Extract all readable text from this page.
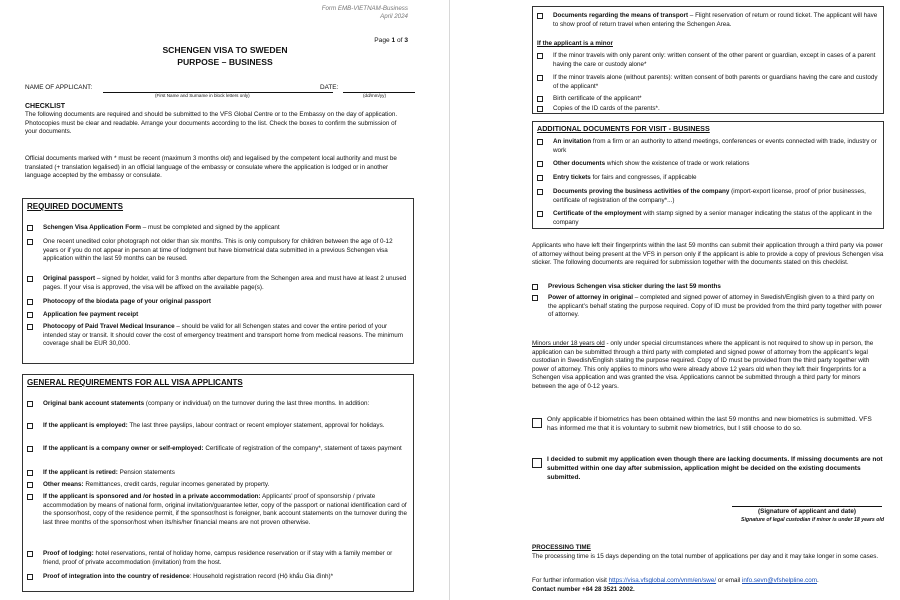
Form EMB-VIETNAM-Business
April 2024
Page 1 of 3
SCHENGEN VISA TO SWEDEN
PURPOSE – BUSINESS
NAME OF APPLICANT:
(First Name and Surname in block letters only)
DATE:
(dd/mm/yy)
CHECKLIST
The following documents are required and should be submitted to the VFS Global Centre or to the Embassy on the day of application. Photocopies must be clear and readable. Arrange your documents according to the list. Check the boxes to confirm the submission of your documents.
Official documents marked with * must be recent (maximum 3 months old) and legalised by the competent local authority and must be translated (+ translation legalised) in an official language of the embassy or consulate where the application is lodged or in another language accepted by the embassy or consulate.
REQUIRED DOCUMENTS
Schengen Visa Application Form – must be completed and signed by the applicant
One recent unedited color photograph not older than six months. This is only compulsory for children between the age of 0-12 years or if you do not appear in person at time of lodgment but have biometrical data submitted in a previous Schengen visa application within the last 59 months can be reused.
Original passport – signed by holder, valid for 3 months after departure from the Schengen area and must have at least 2 unused pages. If your visa is approved, the visa will be affixed on the available page(s).
Photocopy of the biodata page of your original passport
Application fee payment receipt
Photocopy of Paid Travel Medical Insurance – should be valid for all Schengen states and cover the entire period of your intended stay or transit. It should cover the cost of emergency treatment and transport home from medical reasons. The minimum coverage shall be EUR 30,000.
GENERAL REQUIREMENTS FOR ALL VISA APPLICANTS
Original bank account statements (company or individual) on the turnover during the last three months. In addition:
If the applicant is employed: The last three payslips, labour contract or recent employer statement, approval for holidays.
If the applicant is a company owner or self-employed: Certificate of registration of the company*, statement of taxes payment
If the applicant is retired: Pension statements
Other means: Remittances, credit cards, regular incomes generated by property.
If the applicant is sponsored and /or hosted in a private accommodation: Applicants’ proof of sponsorship / private accommodation by means of national form, original invitation/guarantee letter, copy of the passport or national identification card of the sponsor/host, copy of the residence permit, if the sponsor/host is foreigner, bank account statements on the turnover during the last three months of the sponsor/host when its/his/her financial means are not proven otherwise.
Proof of lodging: hotel reservations, rental of holiday home, campus residence reservation or if stay with a family member or friend, proof of private accommodation (invitation) from the host.
Proof of integration into the country of residence: Household registration record (Hộ khẩu Gia đình)*
Documents regarding the means of transport – Flight reservation of return or round ticket. The applicant will have to show proof of return travel when entering the Schengen Area.
If the applicant is a minor
If the minor travels with only parent only: written consent of the other parent or guardian, except in cases of a parent having the care or custody alone*
If the minor travels alone (without parents): written consent of both parents or guardians having the care and custody of the applicant*
Birth certificate of the applicant*
Copies of the ID cards of the parents*.
ADDITIONAL DOCUMENTS FOR VISIT - BUSINESS
An invitation from a firm or an authority to attend meetings, conferences or events connected with trade, industry or work
Other documents which show the existence of trade or work relations
Entry tickets for fairs and congresses, if applicable
Documents proving the business activities of the company (import-export license, proof of prior businesses, certificate of registration of the company*...)
Certificate of the employment with stamp signed by a senior manager indicating the status of the applicant in the company
Applicants who have left their fingerprints within the last 59 months can submit their application through a third party via power of attorney without being present at the VFS in person only if the applicant is able to provide a copy of previous Schengen visa sticker. The following documents are required for submission together with the documents stated on this checklist.
Previous Schengen visa sticker during the last 59 months
Power of attorney in original – completed and signed power of attorney in Swedish/English given to a third party on the applicant’s behalf stating the purpose required. Copy of ID must be provided from the third party together with power of attorney.
Minors under 18 years old - only under special circumstances where the applicant is not required to show up in person, the application can be submitted through a third party with completed and signed power of attorney from the applicant’s legal custodian in Swedish/English stating the purpose required. Copy of ID must be provided from the third party together with power of attorney. This only applies to minors who were already above 12 years old when they left their fingerprints for a Schengen visa application and was granted the visa. Applications cannot be submitted through a third party for minors between the age of 0-12 years.
Only applicable if biometrics has been obtained within the last 59 months and new biometrics is submitted. VFS has informed me that it is voluntary to submit new biometrics, but I still choose to do so.
I decided to submit my application even though there are lacking documents. If missing documents are not submitted within one day after submission, application might be decided on the existing documents submitted.
(Signature of applicant and date)
Signature of legal custodian if minor is under 18 years old
PROCESSING TIME
The processing time is 15 days depending on the total number of applications per day and it may take longer in some cases.
For further information visit https://visa.vfsglobal.com/vnm/en/swe/ or email info.sevn@vfshelpline.com.
Contact number +84 28 3521 2002.
